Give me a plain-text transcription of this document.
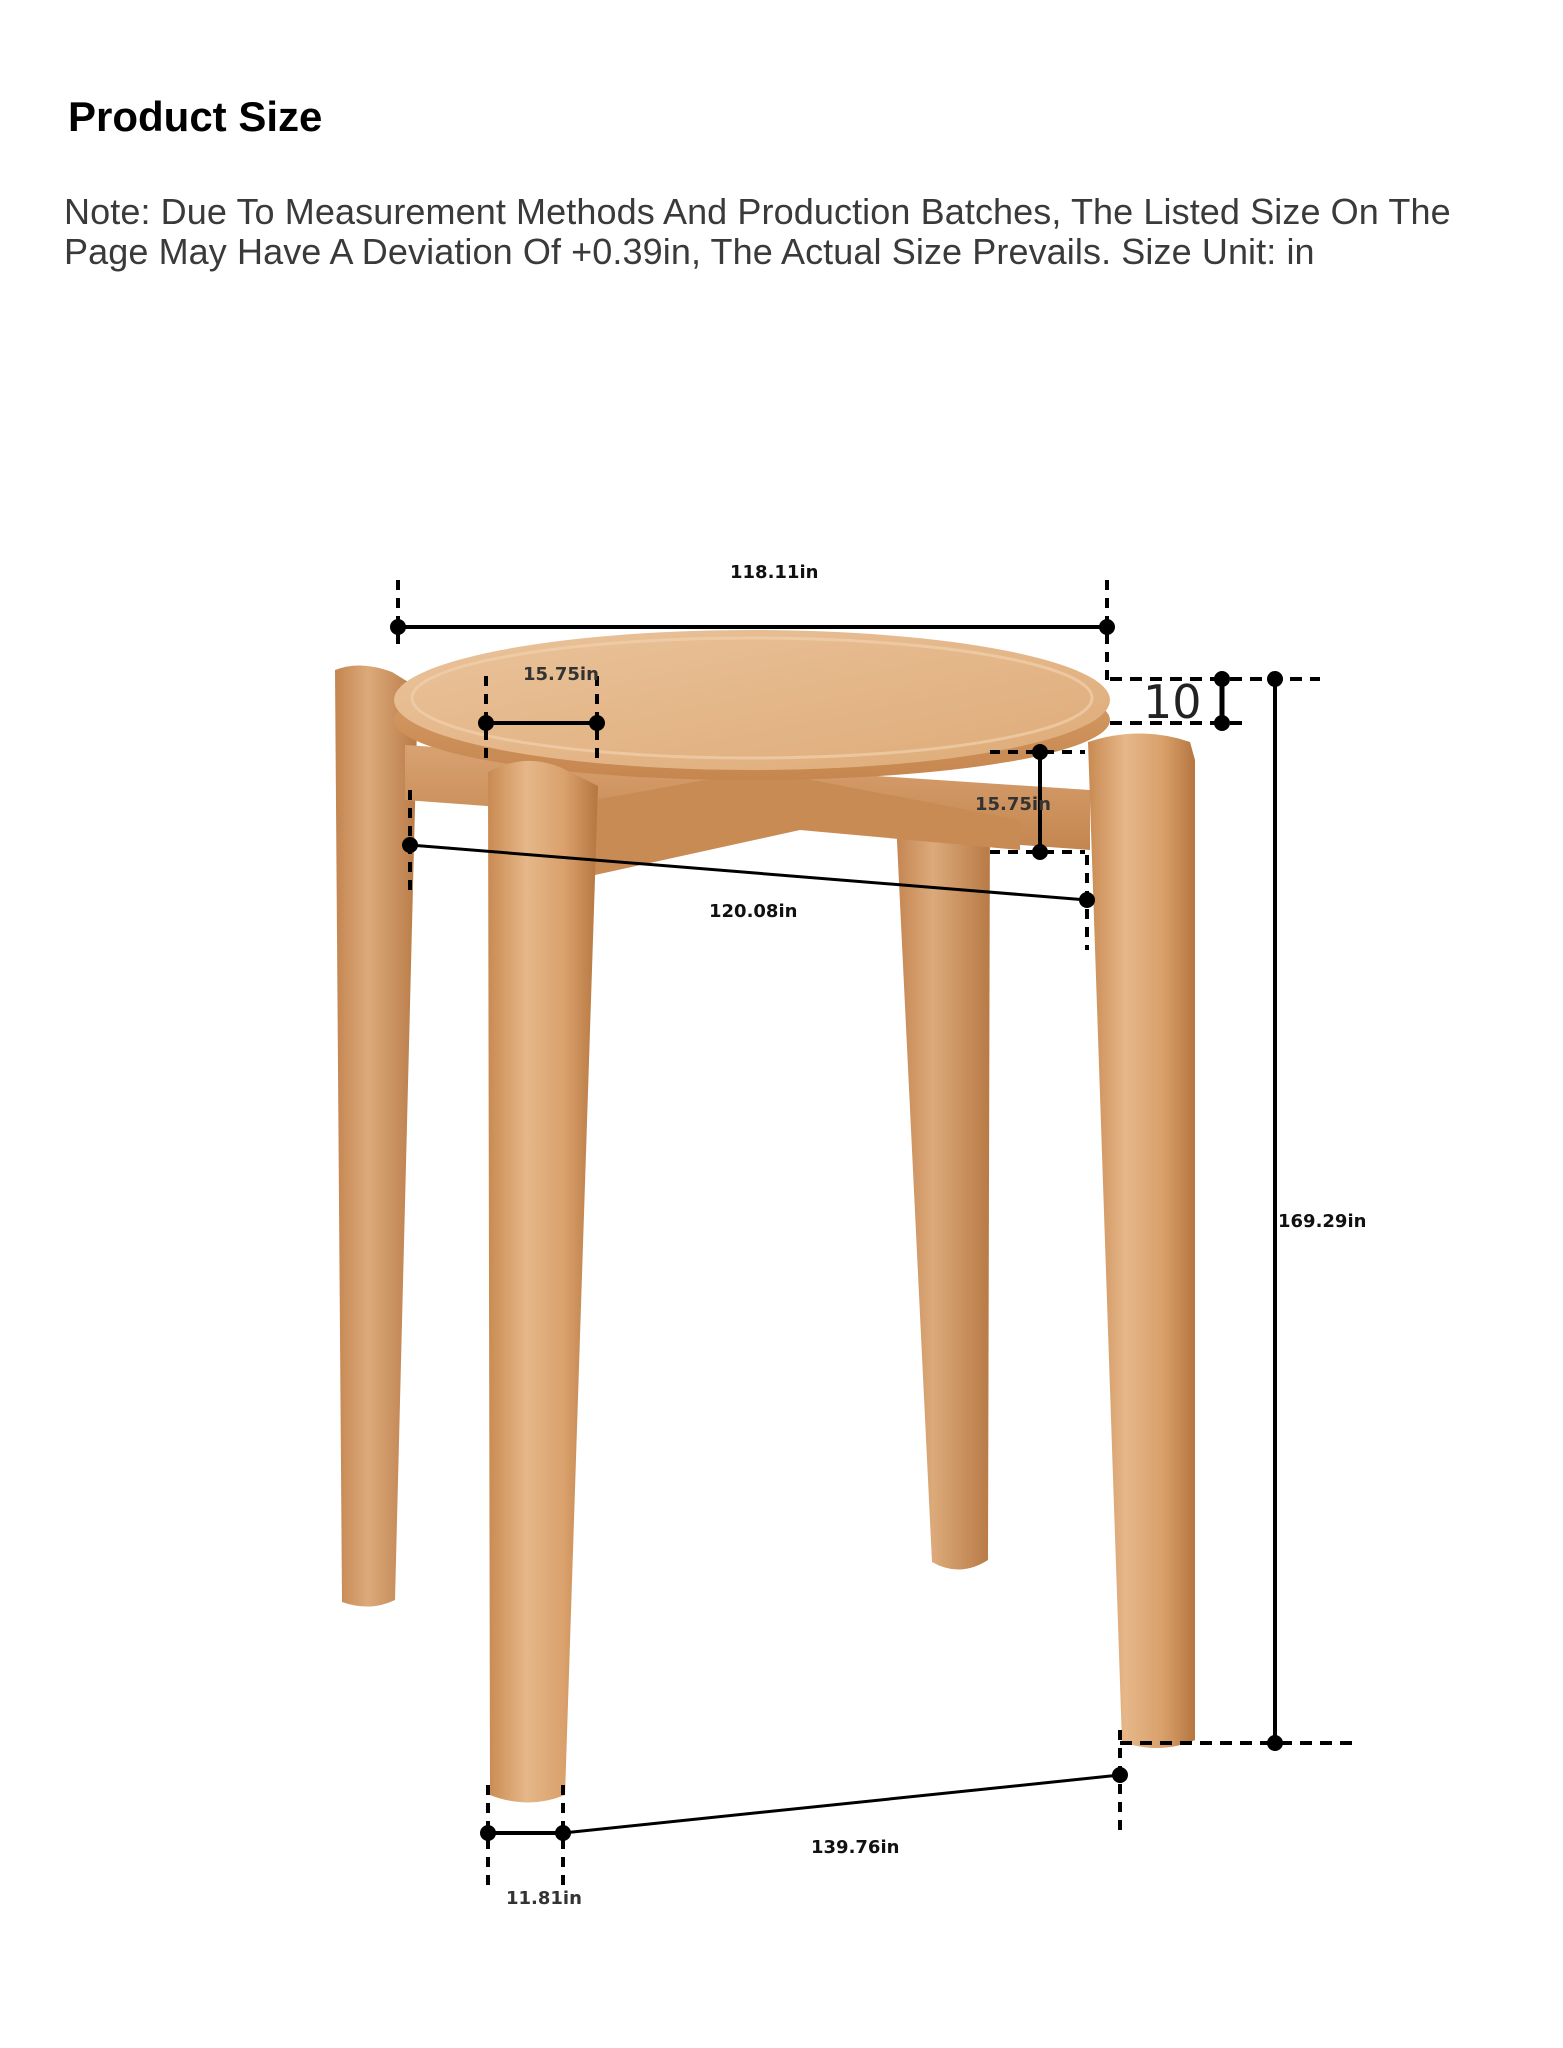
Product Size

Note: Due To Measurement Methods And Production Batches, The Listed Size On The Page May Have A Deviation Of +0.39in, The Actual Size Prevails. Size Unit: in

118.11in
15.75in
10
15.75in
120.08in
169.29in
139.76in
11.81in
